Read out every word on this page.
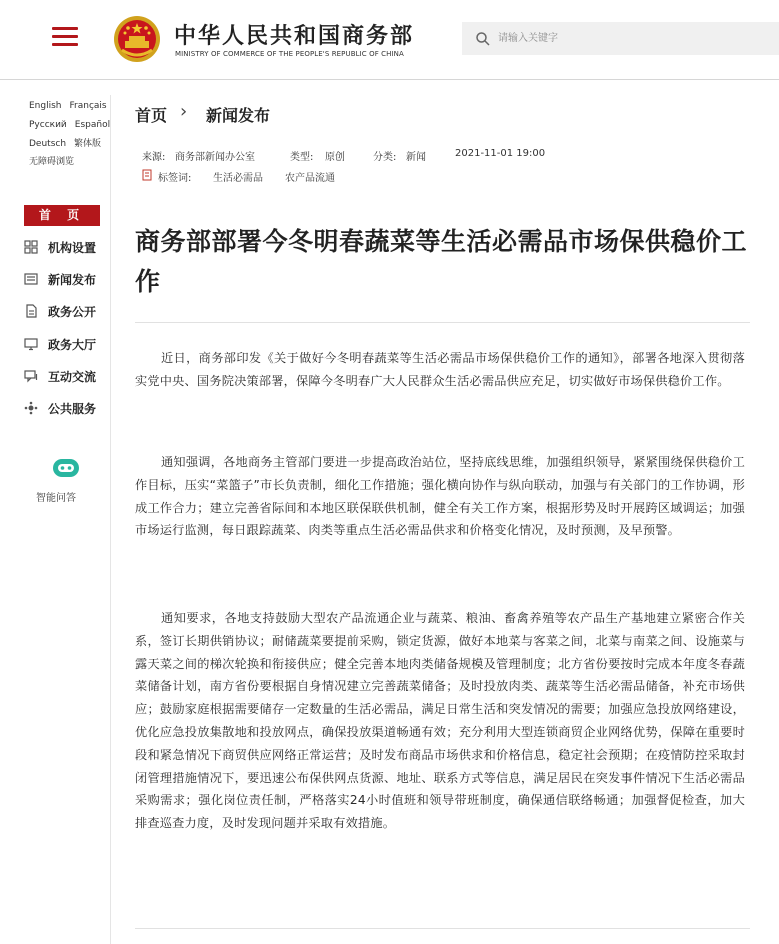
中华人民共和国商务部
MINISTRY OF COMMERCE OF THE PEOPLE'S REPUBLIC OF CHINA
请输入关键字
English Français
Русский Español
Deutsch 繁体版
无障碍浏览
首 页
机构设置
新闻发布
政务公开
政务大厅
互动交流
公共服务
智能问答
首页 › 新闻发布
来源: 商务部新闻办公室	类型: 原创	分类: 新闻	2021-11-01 19:00
标签词: 生活必需品 农产品流通
商务部部署今冬明春蔬菜等生活必需品市场保供稳价工作

近日，商务部印发《关于做好今冬明春蔬菜等生活必需品市场保供稳价工作的通知》，部署各地深入贯彻落实党中央、国务院决策部署，保障今冬明春广大人民群众生活必需品供应充足，切实做好市场保供稳价工作。

通知强调，各地商务主管部门要进一步提高政治站位，坚持底线思维，加强组织领导，紧紧围绕保供稳价工作目标，压实“菜篮子”市长负责制，细化工作措施；强化横向协作与纵向联动，加强与有关部门的工作协调，形成工作合力；建立完善省际间和本地区联保联供机制，健全有关工作方案，根据形势及时开展跨区域调运；加强市场运行监测，每日跟踪蔬菜、肉类等重点生活必需品供求和价格变化情况，及时预测，及早预警。

通知要求，各地支持鼓励大型农产品流通企业与蔬菜、粮油、畜禽养殖等农产品生产基地建立紧密合作关系，签订长期供销协议；耐储蔬菜要提前采购，锁定货源，做好本地菜与客菜之间，北菜与南菜之间、设施菜与露天菜之间的梯次轮换和衔接供应；健全完善本地肉类储备规模及管理制度；北方省份要按时完成本年度冬春蔬菜储备计划，南方省份要根据自身情况建立完善蔬菜储备；及时投放肉类、蔬菜等生活必需品储备，补充市场供应；鼓励家庭根据需要储存一定数量的生活必需品，满足日常生活和突发情况的需要；加强应急投放网络建设，优化应急投放集散地和投放网点，确保投放渠道畅通有效；充分利用大型连锁商贸企业网络优势，保障在重要时段和紧急情况下商贸供应网络正常运营；及时发布商品市场供求和价格信息，稳定社会预期；在疫情防控采取封闭管理措施情况下，要迅速公布保供网点货源、地址、联系方式等信息，满足居民在突发事件情况下生活必需品采购需求；强化岗位责任制，严格落实24小时值班和领导带班制度，确保通信联络畅通；加强督促检查，加大排查巡查力度，及时发现问题并采取有效措施。
